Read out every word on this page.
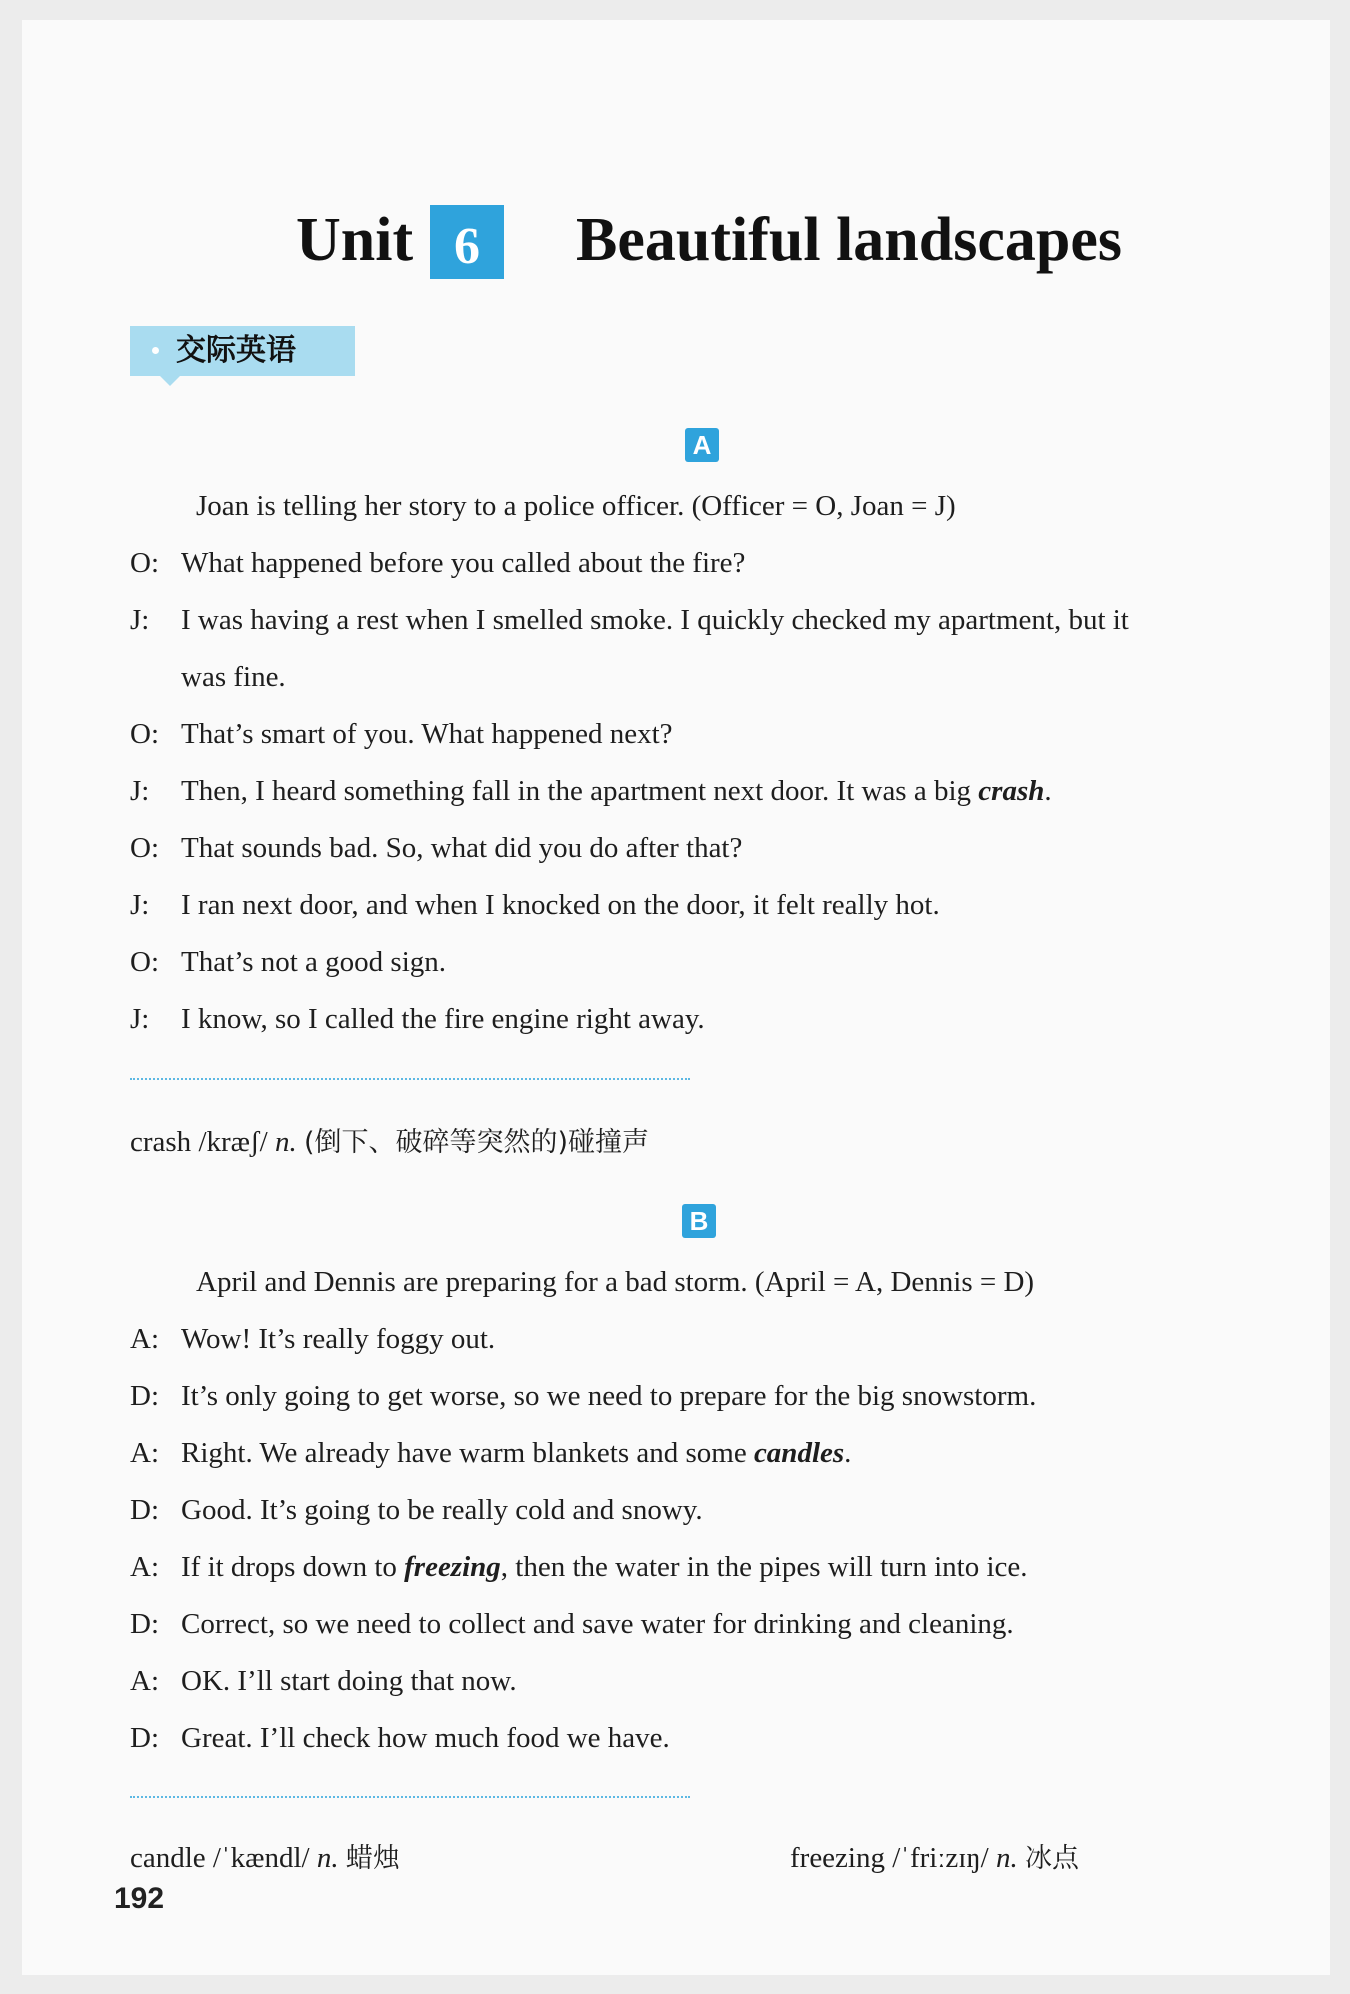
Unit 6	Beautiful landscapes
交际英语
A
Joan is telling her story to a police officer. (Officer = O, Joan = J)
O: What happened before you called about the fire?
J: I was having a rest when I smelled smoke. I quickly checked my apartment, but it
was fine.
O: That’s smart of you. What happened next?
J: Then, I heard something fall in the apartment next door. It was a big crash.
O: That sounds bad. So, what did you do after that?
J: I ran next door, and when I knocked on the door, it felt really hot.
O: That’s not a good sign.
J: I know, so I called the fire engine right away.
crash /kræʃ/ n. (倒下、破碎等突然的)碰撞声
B
April and Dennis are preparing for a bad storm. (April = A, Dennis = D)
A: Wow! It’s really foggy out.
D: It’s only going to get worse, so we need to prepare for the big snowstorm.
A: Right. We already have warm blankets and some candles.
D: Good. It’s going to be really cold and snowy.
A: If it drops down to freezing, then the water in the pipes will turn into ice.
D: Correct, so we need to collect and save water for drinking and cleaning.
A: OK. I’ll start doing that now.
D: Great. I’ll check how much food we have.
candle /ˈkændl/ n. 蜡烛	freezing /ˈfriːzɪŋ/ n. 冰点
192
